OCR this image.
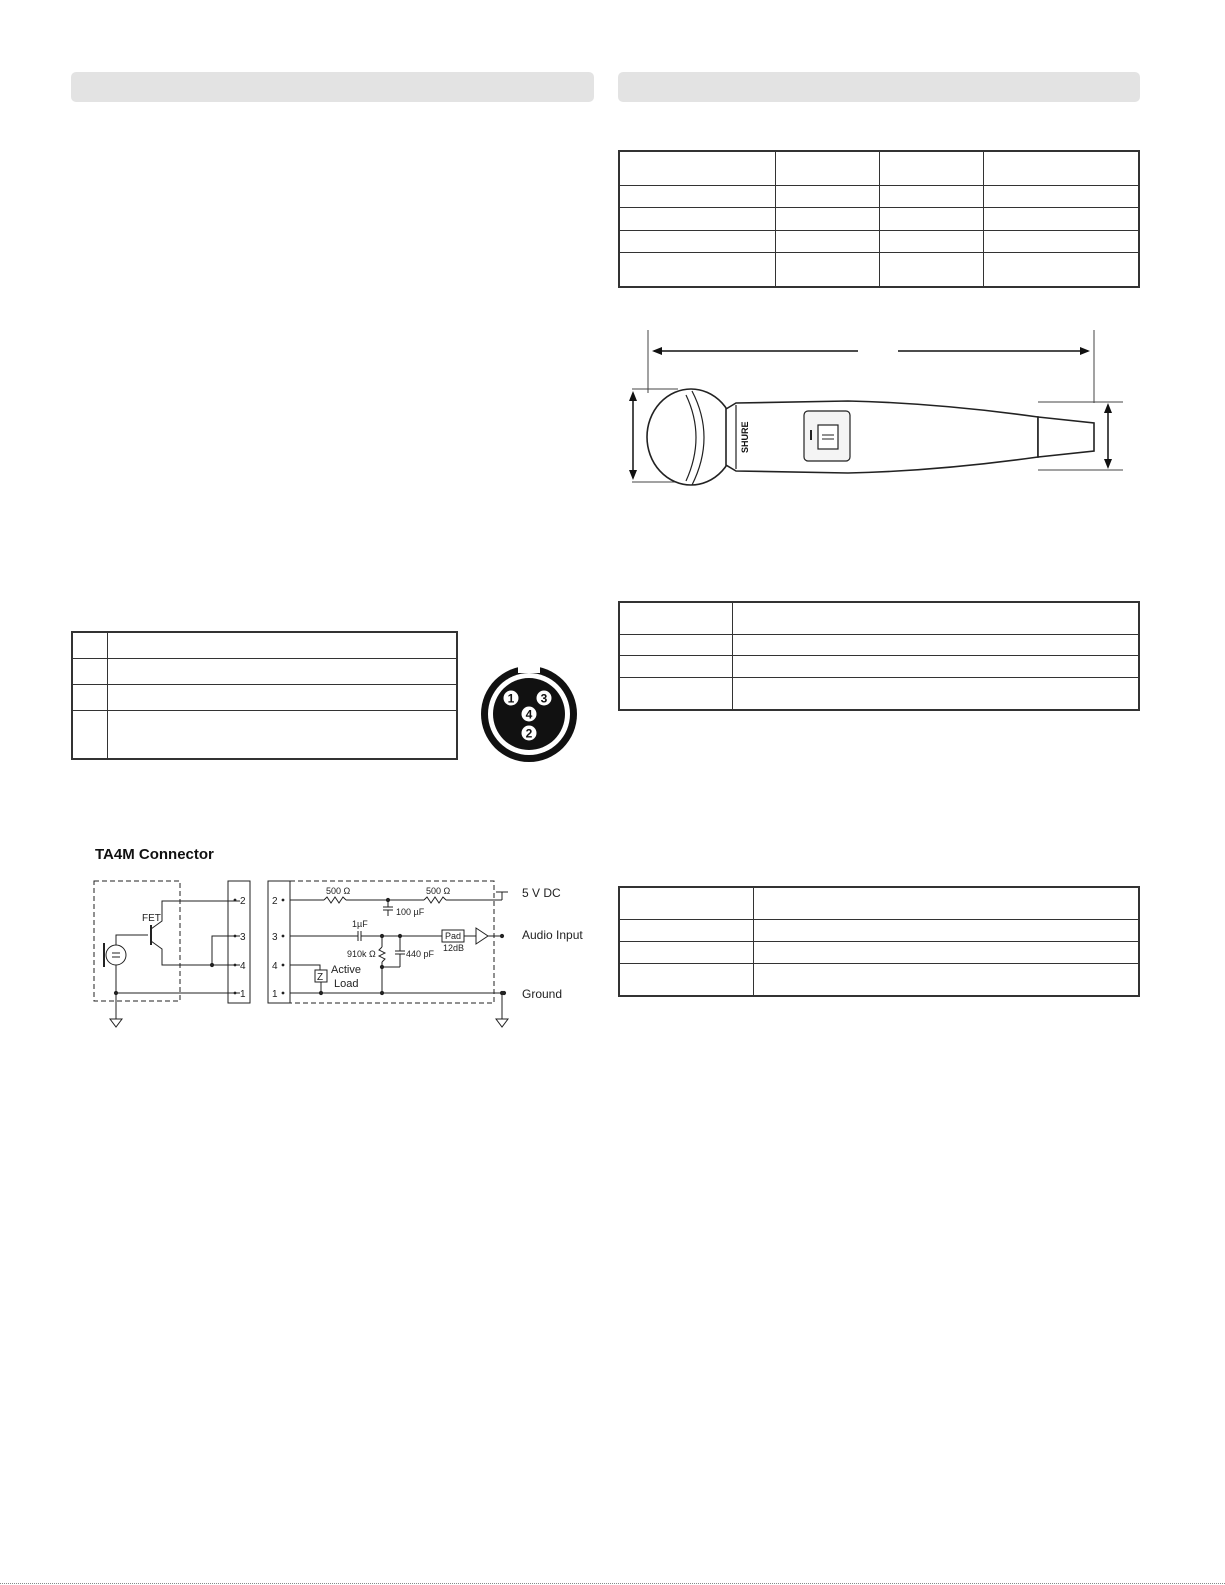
SHURE

1 3
4
2
TA4M Connector
2
3
4
1
2
3
4
1
FET
500 Ω	500 Ω
100 µF
1µF
910k Ω	440 pF
Pad
12dB
Z
Active
Load
5 V DC
Audio Input
Ground
